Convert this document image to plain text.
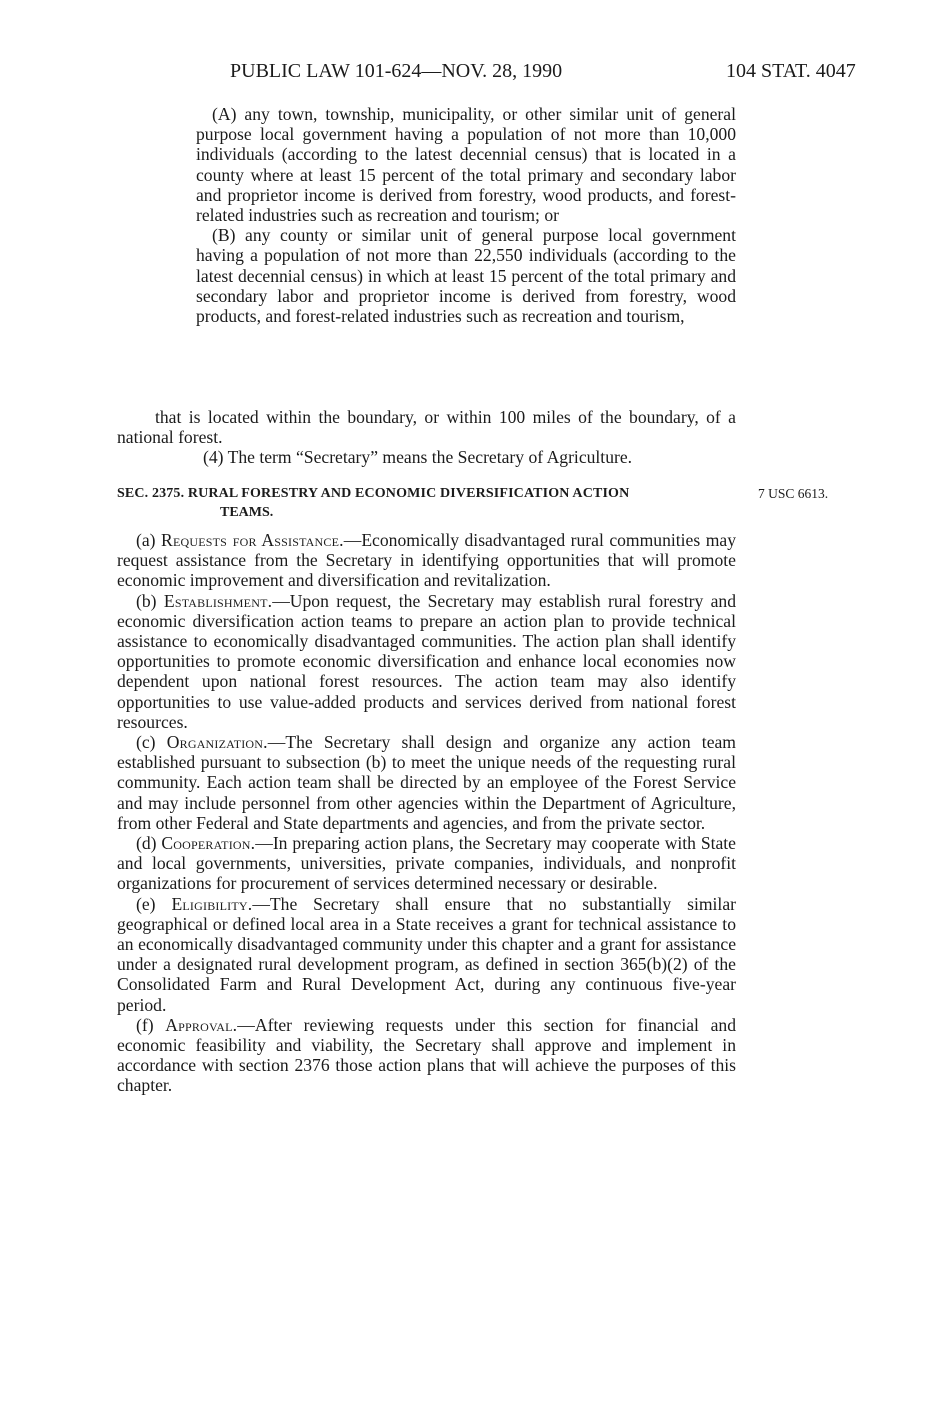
PUBLIC LAW 101-624—NOV. 28, 1990	104 STAT. 4047

(A) any town, township, municipality, or other similar unit of general purpose local government having a population of not more than 10,000 individuals (according to the latest decennial census) that is located in a county where at least 15 percent of the total primary and secondary labor and proprietor income is derived from forestry, wood products, and forest-related industries such as recreation and tourism; or

(B) any county or similar unit of general purpose local government having a population of not more than 22,550 individuals (according to the latest decennial census) in which at least 15 percent of the total primary and secondary labor and proprietor income is derived from forestry, wood products, and forest-related industries such as recreation and tourism,

that is located within the boundary, or within 100 miles of the boundary, of a national forest.

(4) The term “Secretary” means the Secretary of Agriculture.

SEC. 2375. RURAL FORESTRY AND ECONOMIC DIVERSIFICATION ACTION
TEAMS.
7 USC 6613.

(a) Requests for Assistance.—Economically disadvantaged rural communities may request assistance from the Secretary in identifying opportunities that will promote economic improvement and diversification and revitalization.

(b) Establishment.—Upon request, the Secretary may establish rural forestry and economic diversification action teams to prepare an action plan to provide technical assistance to economically disadvantaged communities. The action plan shall identify opportunities to promote economic diversification and enhance local economies now dependent upon national forest resources. The action team may also identify opportunities to use value-added products and services derived from national forest resources.

(c) Organization.—The Secretary shall design and organize any action team established pursuant to subsection (b) to meet the unique needs of the requesting rural community. Each action team shall be directed by an employee of the Forest Service and may include personnel from other agencies within the Department of Agriculture, from other Federal and State departments and agencies, and from the private sector.

(d) Cooperation.—In preparing action plans, the Secretary may cooperate with State and local governments, universities, private companies, individuals, and nonprofit organizations for procurement of services determined necessary or desirable.

(e) Eligibility.—The Secretary shall ensure that no substantially similar geographical or defined local area in a State receives a grant for technical assistance to an economically disadvantaged community under this chapter and a grant for assistance under a designated rural development program, as defined in section 365(b)(2) of the Consolidated Farm and Rural Development Act, during any continuous five-year period.

(f) Approval.—After reviewing requests under this section for financial and economic feasibility and viability, the Secretary shall approve and implement in accordance with section 2376 those action plans that will achieve the purposes of this chapter.
